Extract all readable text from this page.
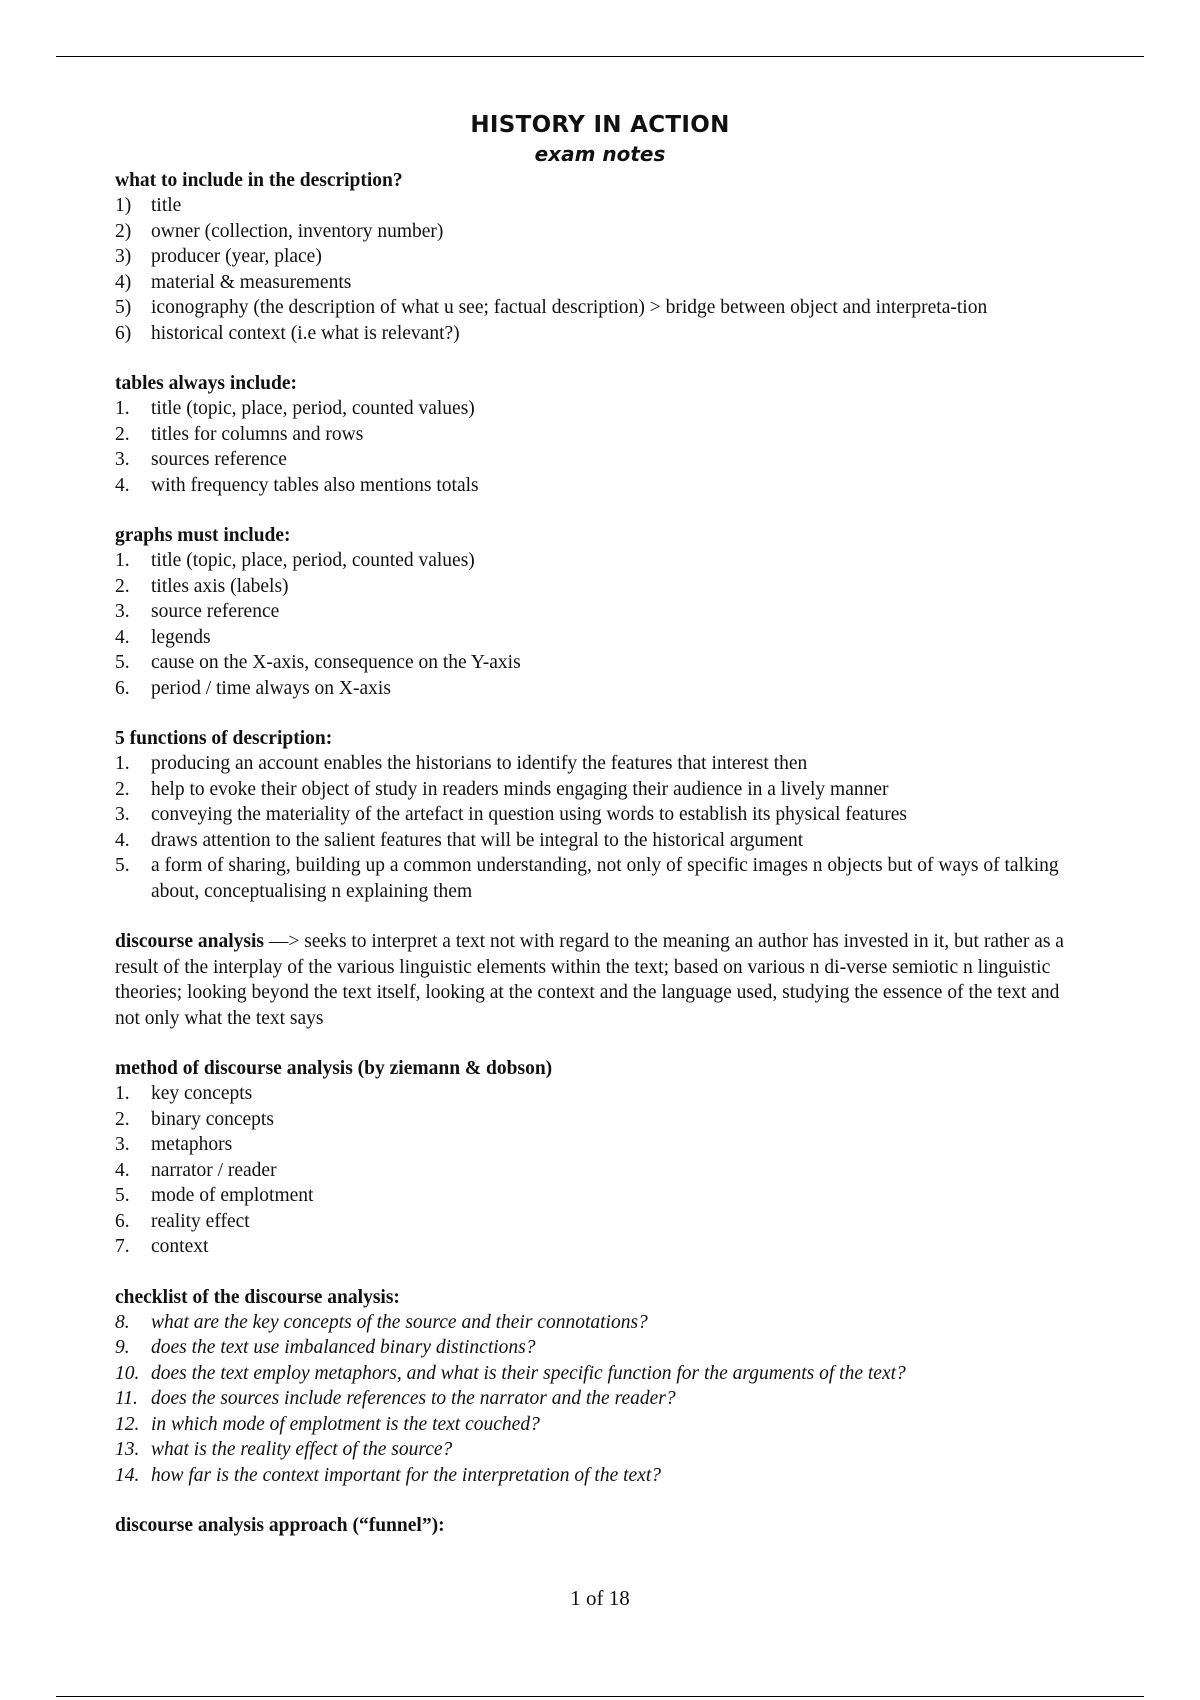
HISTORY IN ACTION
exam notes
what to include in the description?
1)	title
2)	owner (collection, inventory number)
3)	producer (year, place)
4)	material & measurements
5)	iconography (the description of what u see; factual description) > bridge between object and interpreta-tion
6)	historical context (i.e what is relevant?)
tables always include:
1.	title (topic, place, period, counted values)
2.	titles for columns and rows
3.	sources reference
4.	with frequency tables also mentions totals
graphs must include:
1.	title (topic, place, period, counted values)
2.	titles axis (labels)
3.	source reference
4.	legends
5.	cause on the X-axis, consequence on the Y-axis
6.	period / time always on X-axis
5 functions of description:
1.	producing an account enables the historians to identify the features that interest then
2.	help to evoke their object of study in readers minds engaging their audience in a lively manner
3.	conveying the materiality of the artefact in question using words to establish its physical features
4.	draws attention to the salient features that will be integral to the historical argument
5.	a form of sharing, building up a common understanding, not only of specific images n objects but of ways of talking about, conceptualising n explaining them
discourse analysis —> seeks to interpret a text not with regard to the meaning an author has invested in it, but rather as a result of the interplay of the various linguistic elements within the text; based on various n di-verse semiotic n linguistic theories; looking beyond the text itself, looking at the context and the language used, studying the essence of the text and not only what the text says
method of discourse analysis (by ziemann & dobson)
1.	key concepts
2.	binary concepts
3.	metaphors
4.	narrator / reader
5.	mode of emplotment
6.	reality effect
7.	context
checklist of the discourse analysis:
8.	what are the key concepts of the source and their connotations?
9.	does the text use imbalanced binary distinctions?
10. does the text employ metaphors, and what is their specific function for the arguments of the text?
11. does the sources include references to the narrator and the reader?
12. in which mode of emplotment is the text couched?
13. what is the reality effect of the source?
14. how far is the context important for the interpretation of the text?
discourse analysis approach (“funnel”):
1 of 18
